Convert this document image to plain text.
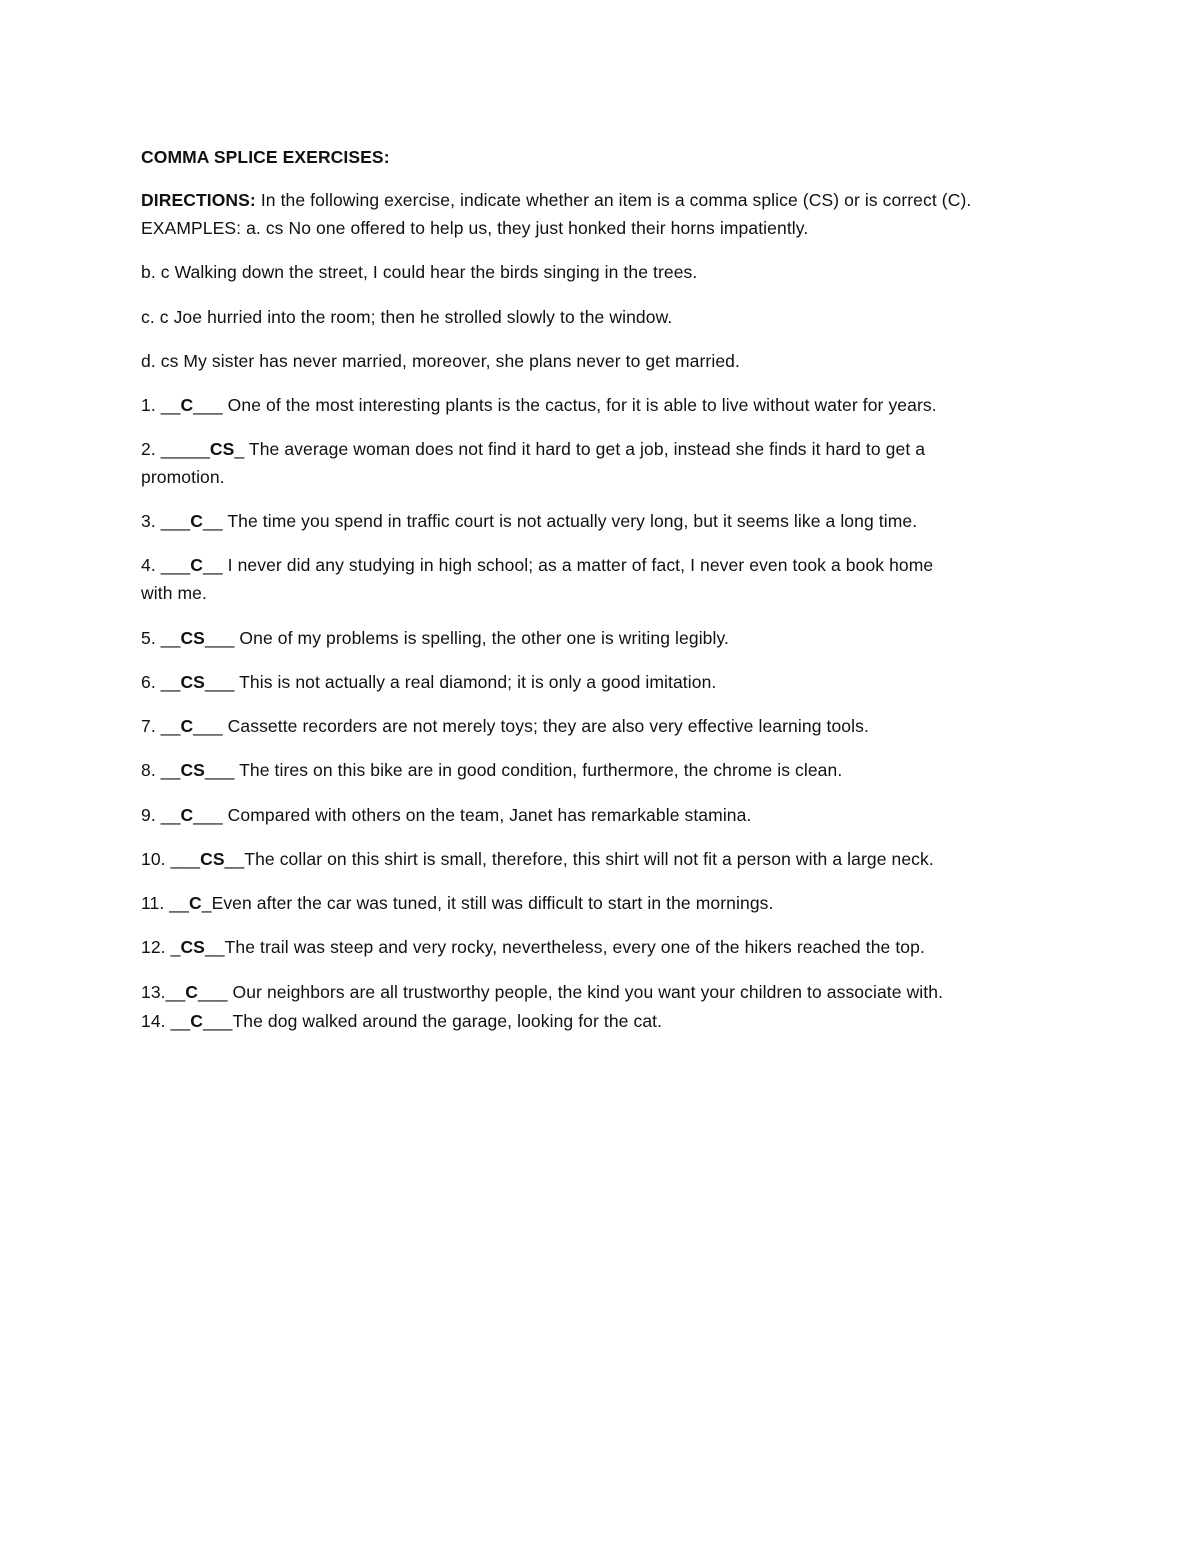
COMMA SPLICE EXERCISES:
DIRECTIONS: In the following exercise, indicate whether an item is a comma splice (CS) or is correct (C).
EXAMPLES: a. cs No one offered to help us, they just honked their horns impatiently.
b. c Walking down the street, I could hear the birds singing in the trees.
c. c Joe hurried into the room; then he strolled slowly to the window.
d. cs My sister has never married, moreover, she plans never to get married.
1. __C___ One of the most interesting plants is the cactus, for it is able to live without water for years.
2. _____CS_ The average woman does not find it hard to get a job, instead she finds it hard to get a
promotion.
3. ___C__ The time you spend in traffic court is not actually very long, but it seems like a long time.
4. ___C__ I never did any studying in high school; as a matter of fact, I never even took a book home
with me.
5. __CS___ One of my problems is spelling, the other one is writing legibly.
6. __CS___ This is not actually a real diamond; it is only a good imitation.
7. __C___ Cassette recorders are not merely toys; they are also very effective learning tools.
8. __CS___ The tires on this bike are in good condition, furthermore, the chrome is clean.
9. __C___ Compared with others on the team, Janet has remarkable stamina.
10. ___CS__The collar on this shirt is small, therefore, this shirt will not fit a person with a large neck.
11. __C_Even after the car was tuned, it still was difficult to start in the mornings.
12. _CS__The trail was steep and very rocky, nevertheless, every one of the hikers reached the top.
13.__C___ Our neighbors are all trustworthy people, the kind you want your children to associate with.
14. __C___The dog walked around the garage, looking for the cat.
